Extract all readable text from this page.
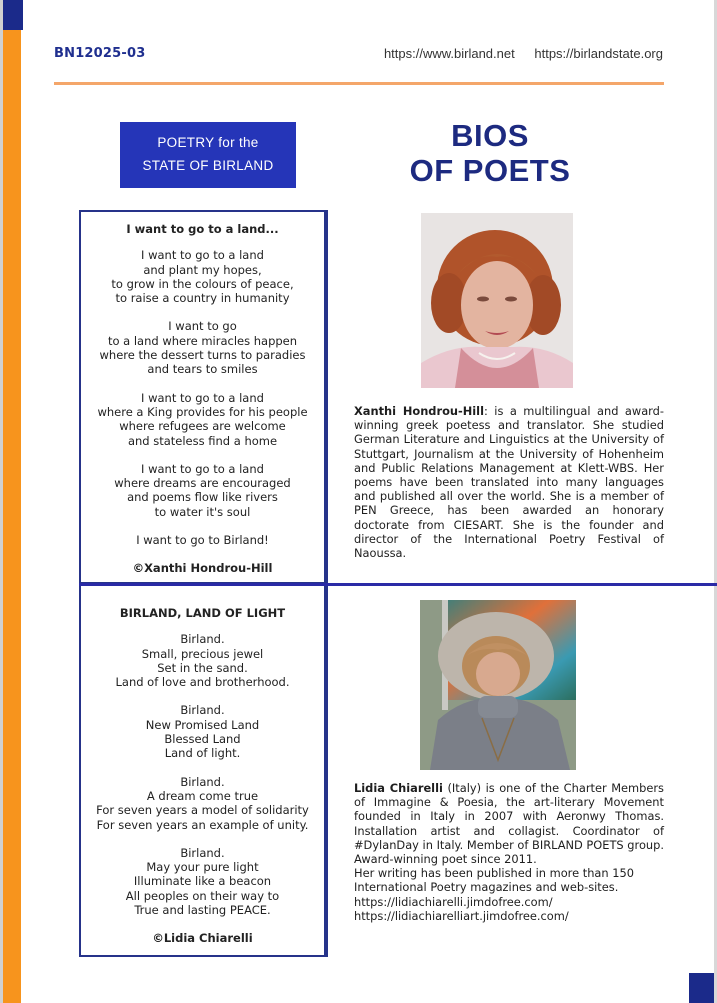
BN12025-03	https://www.birland.net https://birlandstate.org
POETRY for the
STATE OF BIRLAND
BIOS
OF POETS
I want to go to a land...
I want to go to a land
and plant my hopes,
to grow in the colours of peace,
to raise a country in humanity
I want to go
to a land where miracles happen
where the dessert turns to paradies
and tears to smiles
I want to go to a land
where a King provides for his people
where refugees are welcome
and stateless find a home
I want to go to a land
where dreams are encouraged
and poems flow like rivers
to water it's soul
I want to go to Birland!
©Xanthi Hondrou-Hill
BIRLAND, LAND OF LIGHT
Birland.
Small, precious jewel
Set in the sand.
Land of love and brotherhood.
Birland.
New Promised Land
Blessed Land
Land of light.
Birland.
A dream come true
For seven years a model of solidarity
For seven years an example of unity.
Birland.
May your pure light
Illuminate like a beacon
All peoples on their way to
True and lasting PEACE.
©Lidia Chiarelli
Xanthi Hondrou-Hill: is a multilingual and award-winning greek poetess and translator. She studied German Literature and Linguistics at the University of Stuttgart, Journalism at the University of Hohenheim and Public Relations Management at Klett-WBS. Her poems have been translated into many languages and published all over the world. She is a member of PEN Greece, has been awarded an honorary doctorate from CIESART. She is the founder and director of the International Poetry Festival of Naoussa.
Lidia Chiarelli (Italy) is one of the Charter Members of Immagine & Poesia, the art-literary Movement founded in Italy in 2007 with Aeronwy Thomas.
Installation artist and collagist. Coordinator of #DylanDay in Italy. Member of BIRLAND POETS group.
Award-winning poet since 2011.
Her writing has been published in more than 150 International Poetry magazines and web-sites.
https://lidiachiarelli.jimdofree.com/
https://lidiachiarelliart.jimdofree.com/
